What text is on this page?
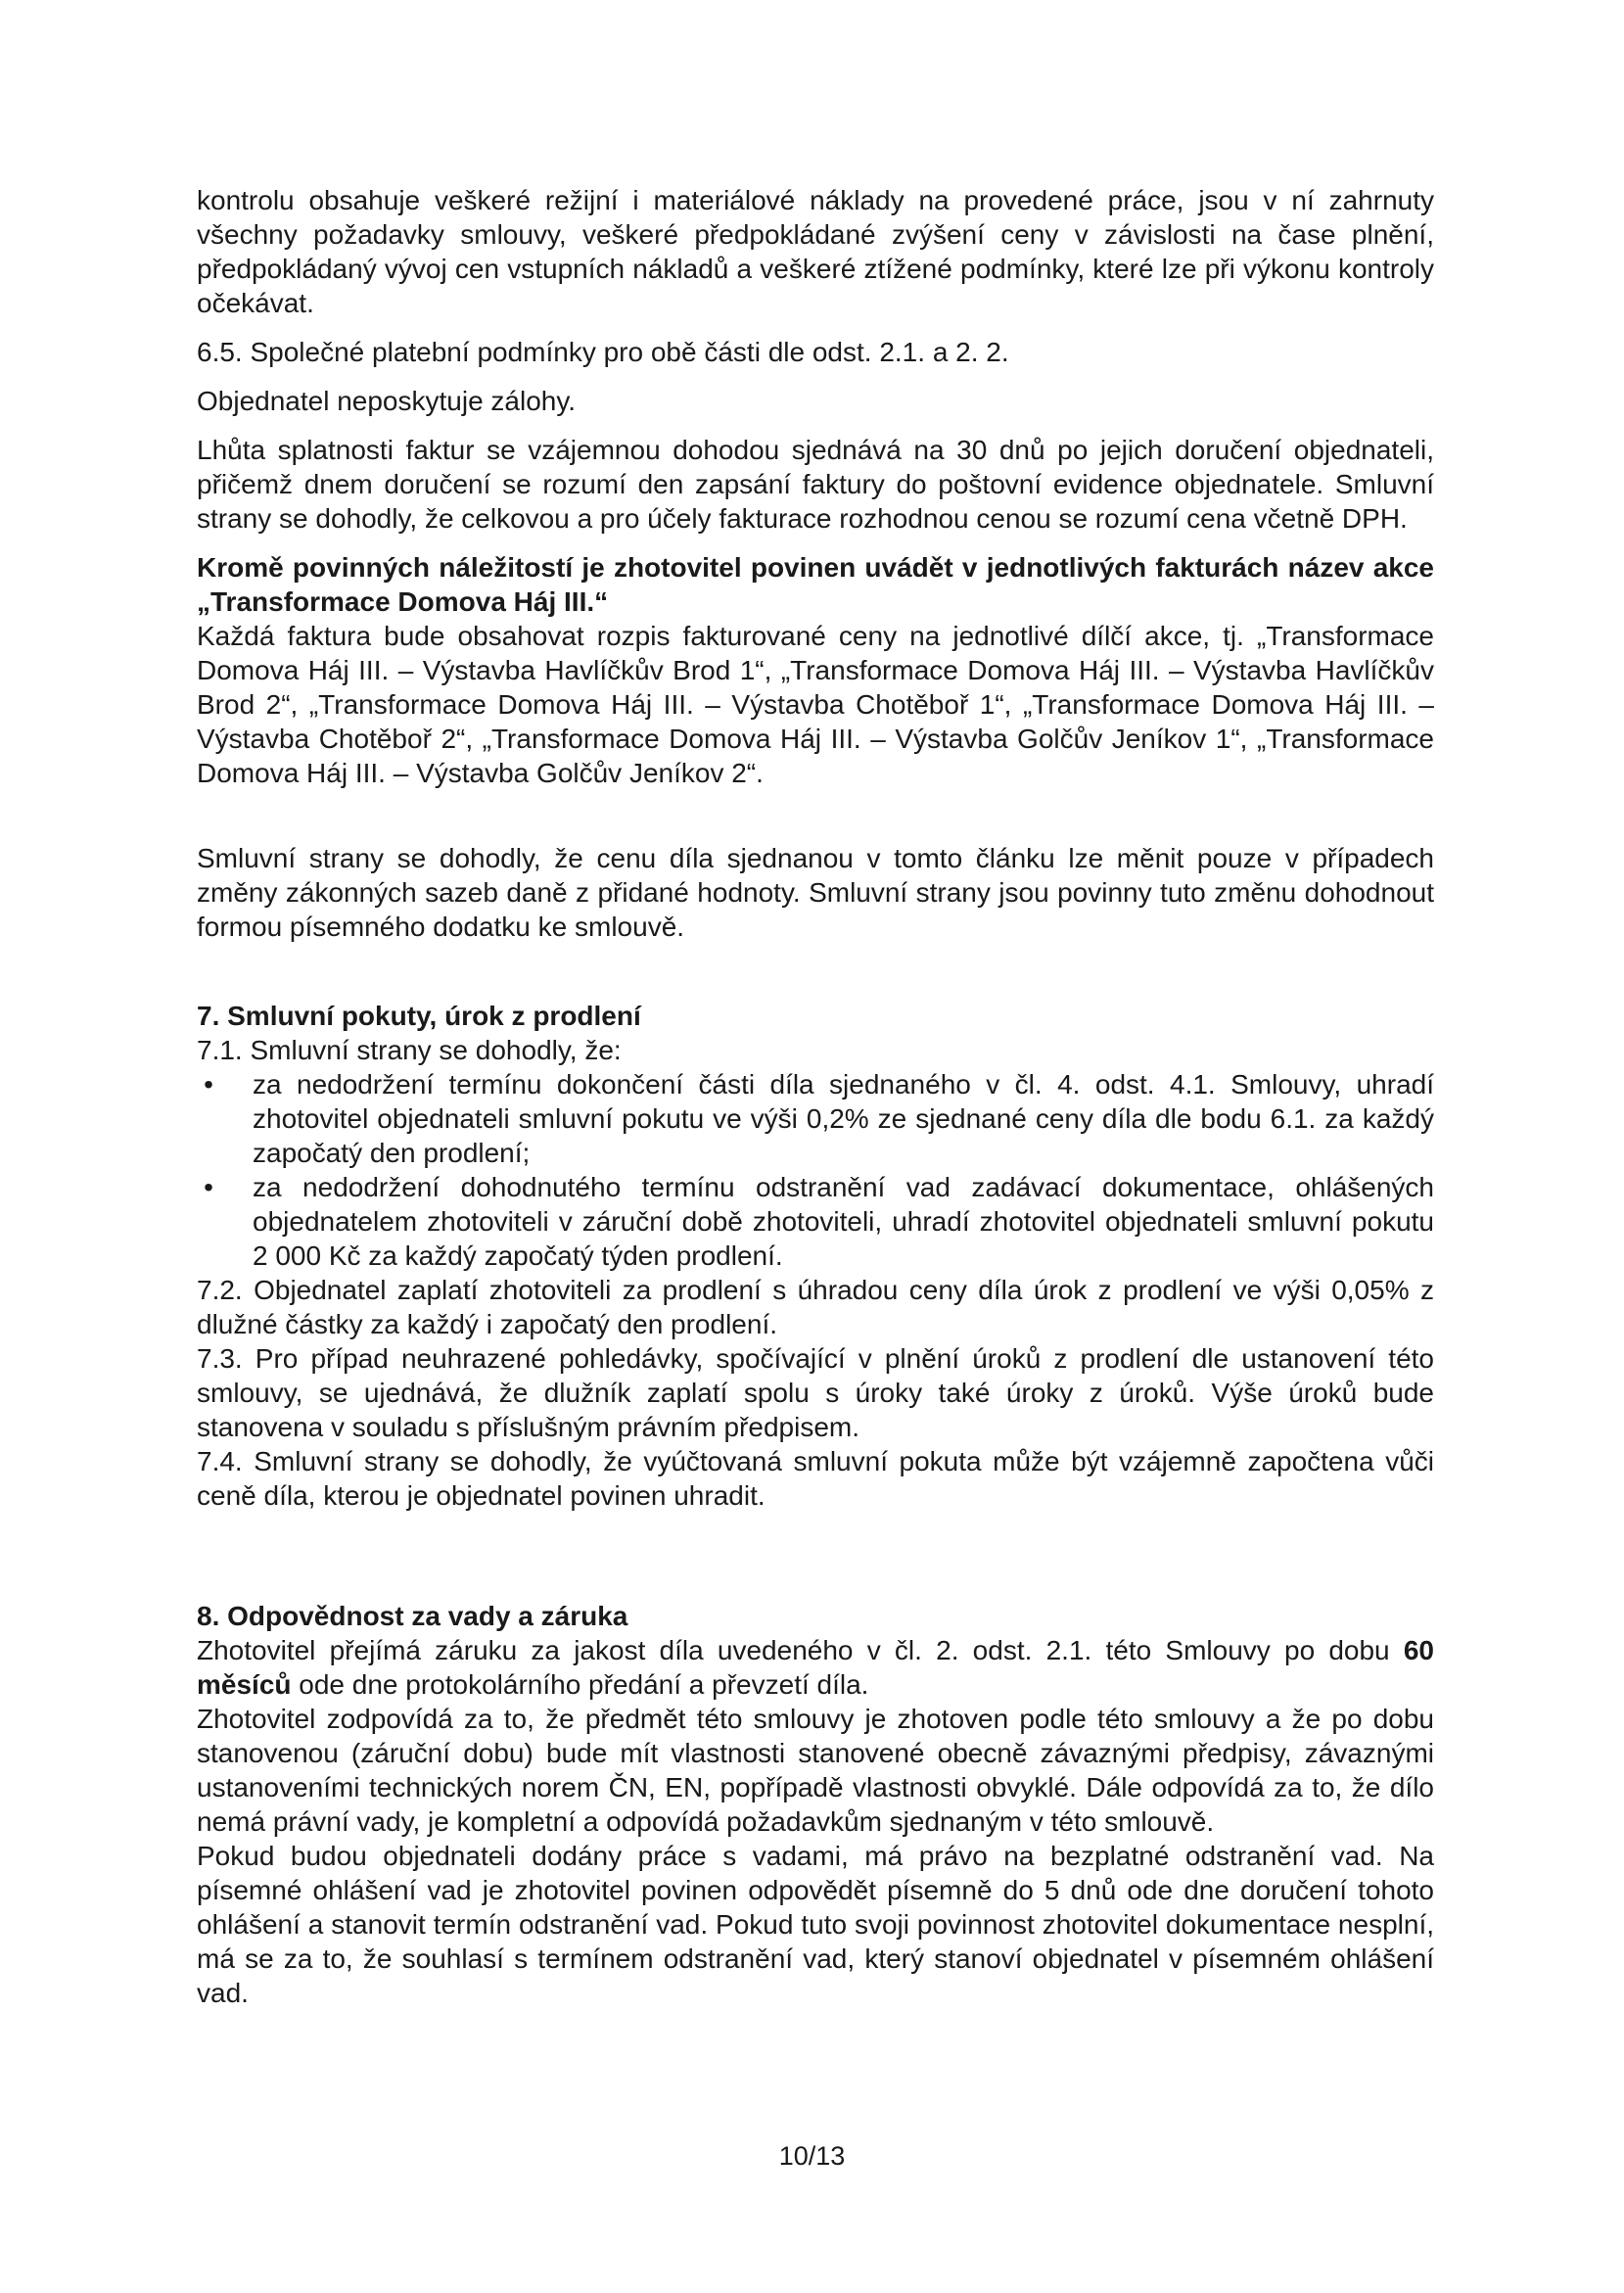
kontrolu obsahuje veškeré režijní i materiálové náklady na provedené práce, jsou v ní zahrnuty všechny požadavky smlouvy, veškeré předpokládané zvýšení ceny v závislosti na čase plnění, předpokládaný vývoj cen vstupních nákladů a veškeré ztížené podmínky, které lze při výkonu kontroly očekávat.

6.5. Společné platební podmínky pro obě části dle odst. 2.1. a 2. 2.

Objednatel neposkytuje zálohy.

Lhůta splatnosti faktur se vzájemnou dohodou sjednává na 30 dnů po jejich doručení objednateli, přičemž dnem doručení se rozumí den zapsání faktury do poštovní evidence objednatele. Smluvní strany se dohodly, že celkovou a pro účely fakturace rozhodnou cenou se rozumí cena včetně DPH.

Kromě povinných náležitostí je zhotovitel povinen uvádět v jednotlivých fakturách název akce „Transformace Domova Háj III.“

Každá faktura bude obsahovat rozpis fakturované ceny na jednotlivé dílčí akce, tj. „Transformace Domova Háj III. – Výstavba Havlíčkův Brod 1“, „Transformace Domova Háj III. – Výstavba Havlíčkův Brod 2“, „Transformace Domova Háj III. – Výstavba Chotěboř 1“, „Transformace Domova Háj III. – Výstavba Chotěboř 2“, „Transformace Domova Háj III. – Výstavba Golčův Jeníkov 1“, „Transformace Domova Háj III. – Výstavba Golčův Jeníkov 2“.

Smluvní strany se dohodly, že cenu díla sjednanou v tomto článku lze měnit pouze v případech změny zákonných sazeb daně z přidané hodnoty. Smluvní strany jsou povinny tuto změnu dohodnout formou písemného dodatku ke smlouvě.

7. Smluvní pokuty, úrok z prodlení

7.1. Smluvní strany se dohodly, že:

• za nedodržení termínu dokončení části díla sjednaného v čl. 4. odst. 4.1. Smlouvy, uhradí zhotovitel objednateli smluvní pokutu ve výši 0,2% ze sjednané ceny díla dle bodu 6.1. za každý započatý den prodlení;
• za nedodržení dohodnutého termínu odstranění vad zadávací dokumentace, ohlášených objednatelem zhotoviteli v záruční době zhotoviteli, uhradí zhotovitel objednateli smluvní pokutu 2 000 Kč za každý započatý týden prodlení.

7.2. Objednatel zaplatí zhotoviteli za prodlení s úhradou ceny díla úrok z prodlení ve výši 0,05% z dlužné částky za každý i započatý den prodlení.

7.3. Pro případ neuhrazené pohledávky, spočívající v plnění úroků z prodlení dle ustanovení této smlouvy, se ujednává, že dlužník zaplatí spolu s úroky také úroky z úroků. Výše úroků bude stanovena v souladu s příslušným právním předpisem.

7.4. Smluvní strany se dohodly, že vyúčtovaná smluvní pokuta může být vzájemně započtena vůči ceně díla, kterou je objednatel povinen uhradit.

8. Odpovědnost za vady a záruka

Zhotovitel přejímá záruku za jakost díla uvedeného v čl. 2. odst. 2.1. této Smlouvy po dobu 60 měsíců ode dne protokolárního předání a převzetí díla.

Zhotovitel zodpovídá za to, že předmět této smlouvy je zhotoven podle této smlouvy a že po dobu stanovenou (záruční dobu) bude mít vlastnosti stanovené obecně závaznými předpisy, závaznými ustanoveními technických norem ČN, EN, popřípadě vlastnosti obvyklé. Dále odpovídá za to, že dílo nemá právní vady, je kompletní a odpovídá požadavkům sjednaným v této smlouvě.

Pokud budou objednateli dodány práce s vadami, má právo na bezplatné odstranění vad. Na písemné ohlášení vad je zhotovitel povinen odpovědět písemně do 5 dnů ode dne doručení tohoto ohlášení a stanovit termín odstranění vad. Pokud tuto svoji povinnost zhotovitel dokumentace nesplní, má se za to, že souhlasí s termínem odstranění vad, který stanoví objednatel v písemném ohlášení vad.

10/13
